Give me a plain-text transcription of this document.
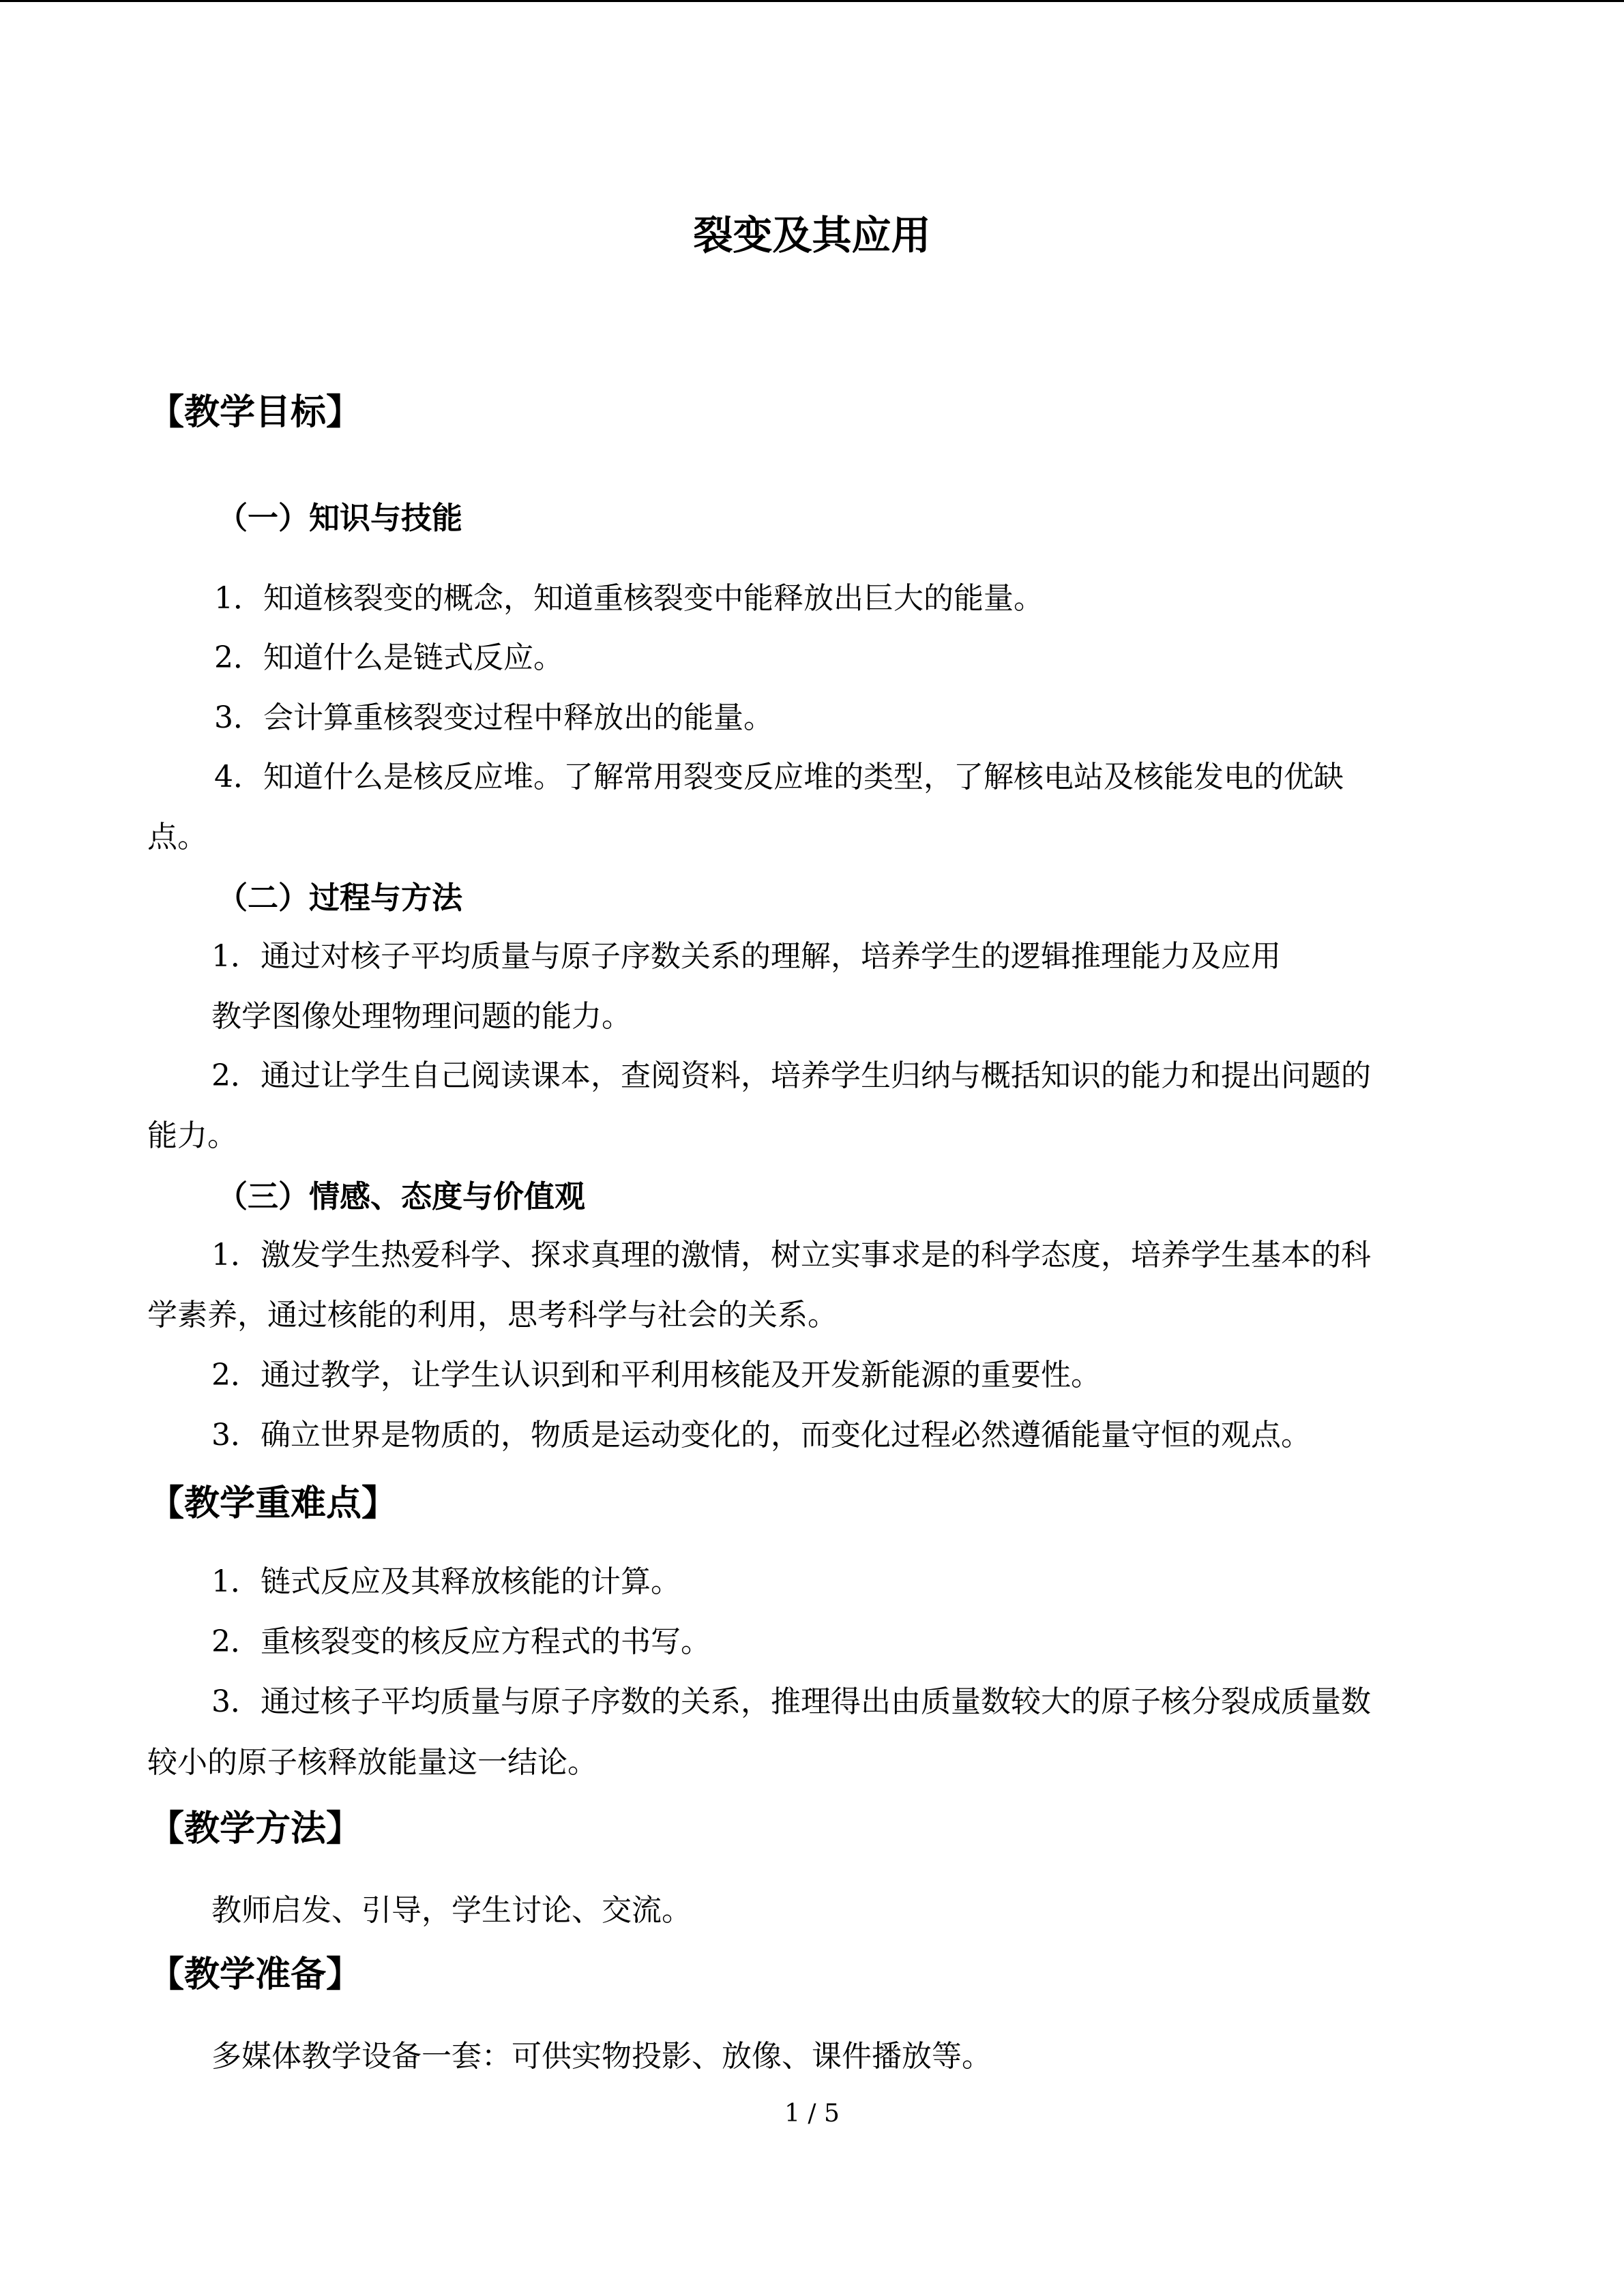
裂变及其应用
【教学目标】
（一）知识与技能
1．知道核裂变的概念，知道重核裂变中能释放出巨大的能量。
2．知道什么是链式反应。
3．会计算重核裂变过程中释放出的能量。
4．知道什么是核反应堆。了解常用裂变反应堆的类型，了解核电站及核能发电的优缺
点。
（二）过程与方法
1．通过对核子平均质量与原子序数关系的理解，培养学生的逻辑推理能力及应用
教学图像处理物理问题的能力。
2．通过让学生自己阅读课本，查阅资料，培养学生归纳与概括知识的能力和提出问题的
能力。
（三）情感、态度与价值观
1．激发学生热爱科学、探求真理的激情，树立实事求是的科学态度，培养学生基本的科
学素养，通过核能的利用，思考科学与社会的关系。
2．通过教学，让学生认识到和平利用核能及开发新能源的重要性。
3．确立世界是物质的，物质是运动变化的，而变化过程必然遵循能量守恒的观点。
【教学重难点】
1．链式反应及其释放核能的计算。
2．重核裂变的核反应方程式的书写。
3．通过核子平均质量与原子序数的关系，推理得出由质量数较大的原子核分裂成质量数
较小的原子核释放能量这一结论。
【教学方法】
教师启发、引导，学生讨论、交流。
【教学准备】
多媒体教学设备一套：可供实物投影、放像、课件播放等。
1 / 5
